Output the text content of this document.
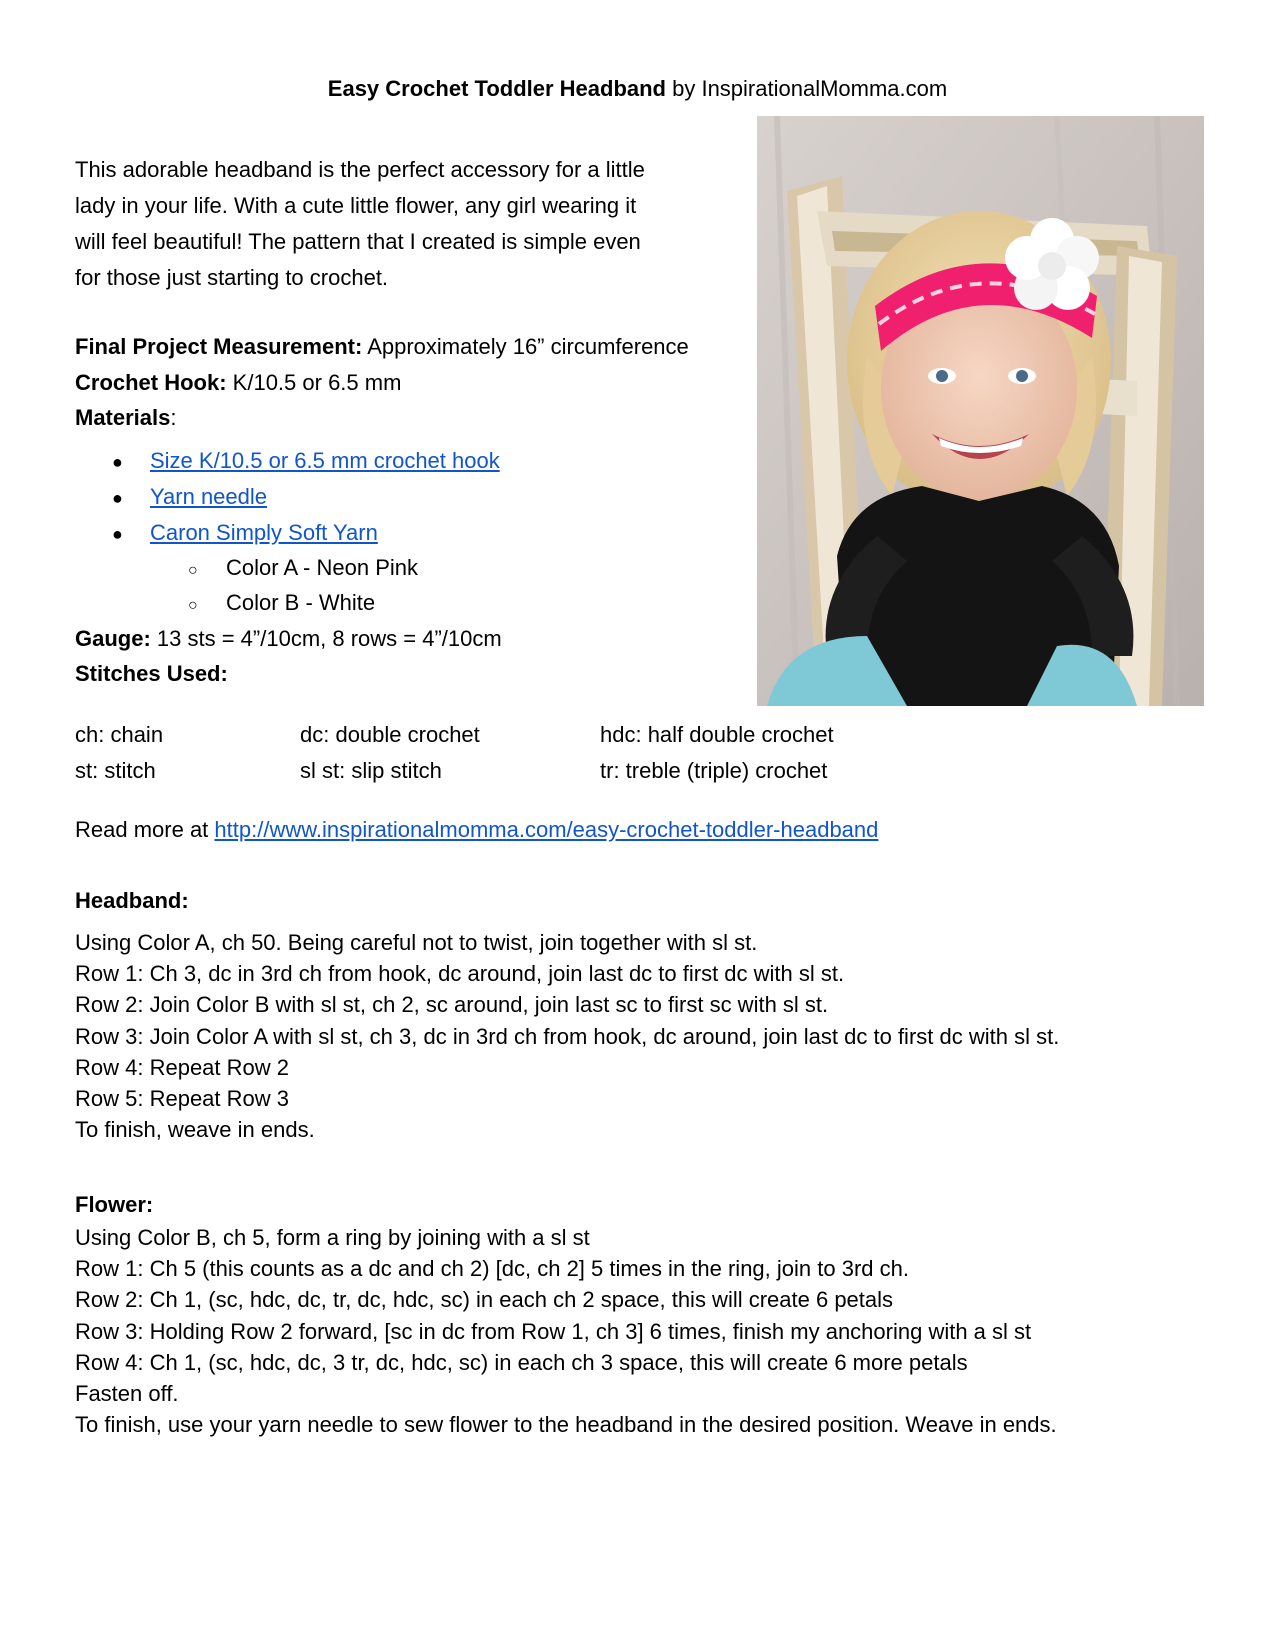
Easy Crochet Toddler Headband by InspirationalMomma.com

This adorable headband is the perfect accessory for a little

lady in your life. With a cute little flower, any girl wearing it

will feel beautiful! The pattern that I created is simple even

for those just starting to crochet.

Final Project Measurement: Approximately 16” circumference
Crochet Hook: K/10.5 or 6.5 mm
Materials:
● Size K/10.5 or 6.5 mm crochet hook
● Yarn needle
● Caron Simply Soft Yarn
○ Color A - Neon Pink
○ Color B - White
Gauge: 13 sts = 4”/10cm, 8 rows = 4”/10cm
Stitches Used:
ch: chain	dc: double crochet	hdc: half double crochet
st: stitch	sl st: slip stitch	tr: treble (triple) crochet
Read more at http://www.inspirationalmomma.com/easy-crochet-toddler-headband
Headband:
Using Color A, ch 50. Being careful not to twist, join together with sl st.
Row 1: Ch 3, dc in 3rd ch from hook, dc around, join last dc to first dc with sl st.
Row 2: Join Color B with sl st, ch 2, sc around, join last sc to first sc with sl st.
Row 3: Join Color A with sl st, ch 3, dc in 3rd ch from hook, dc around, join last dc to first dc with sl st.
Row 4: Repeat Row 2
Row 5: Repeat Row 3
To finish, weave in ends.
Flower:
Using Color B, ch 5, form a ring by joining with a sl st
Row 1: Ch 5 (this counts as a dc and ch 2) [dc, ch 2] 5 times in the ring, join to 3rd ch.
Row 2: Ch 1, (sc, hdc, dc, tr, dc, hdc, sc) in each ch 2 space, this will create 6 petals
Row 3: Holding Row 2 forward, [sc in dc from Row 1, ch 3] 6 times, finish my anchoring with a sl st
Row 4: Ch 1, (sc, hdc, dc, 3 tr, dc, hdc, sc) in each ch 3 space, this will create 6 more petals
Fasten off.
To finish, use your yarn needle to sew flower to the headband in the desired position. Weave in ends.
